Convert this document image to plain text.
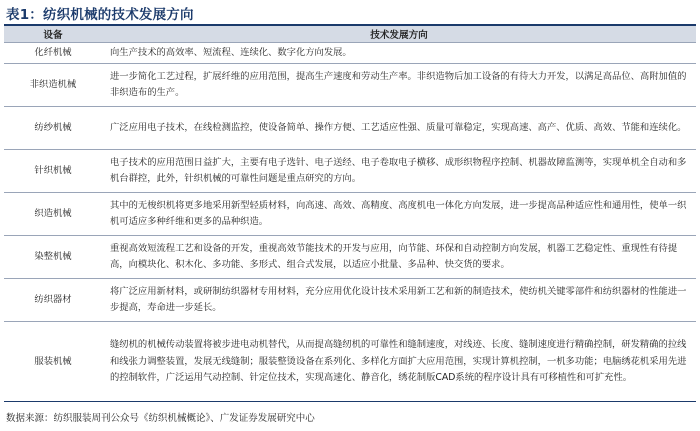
表1：纺织机械的技术发展方向
设备	技术发展方向
化纤机械	向生产技术的高效率、短流程、连续化、数字化方向发展。
非织造机械	进一步简化工艺过程，扩展纤维的应用范围，提高生产速度和劳动生产率。非织造物后加工设备的有待大力开发，以满足高品位、高附加值的非织造布的生产。
纺纱机械	广泛应用电子技术，在线检测监控，使设备简单、操作方便、工艺适应性强、质量可靠稳定，实现高速、高产、优质、高效、节能和连续化。
针织机械	电子技术的应用范围日益扩大，主要有电子选针、电子送经、电子卷取电子横移、成形织物程序控制、机器故障监测等，实现单机全自动和多机台群控，此外，针织机械的可靠性问题是重点研究的方向。
织造机械	其中的无梭织机将更多地采用新型轻质材料，向高速、高效、高精度、高度机电一体化方向发展，进一步提高品种适应性和通用性，使单一织机可适应多种纤维和更多的品种织造。
染整机械	重视高效短流程工艺和设备的开发，重视高效节能技术的开发与应用，向节能、环保和自动控制方向发展，机器工艺稳定性、重现性有待提高，向模块化、积木化、多功能、多形式、组合式发展，以适应小批量、多品种、快交货的要求。
纺织器材	将广泛应用新材料，或研制纺织器材专用材料，充分应用优化设计技术采用新工艺和新的制造技术，使纺机关键零部件和纺织器材的性能进一步提高，寿命进一步延长。
服装机械	缝纫机的机械传动装置将被步进电动机替代，从而提高缝纫机的可靠性和缝制速度，对线迹、长度、缝制速度进行精确控制，研发精确的拉线和线张力调整装置，发展无线缝制；服装整烫设备在系列化、多样化方面扩大应用范围，实现计算机控制，一机多功能；电脑绣花机采用先进的控制软件，广泛运用气动控制、针定位技术，实现高速化、静音化，绣花制版CAD系统的程序设计具有可移植性和可扩充性。
数据来源：纺织服装周刊公众号《纺织机械概论》、广发证券发展研究中心
